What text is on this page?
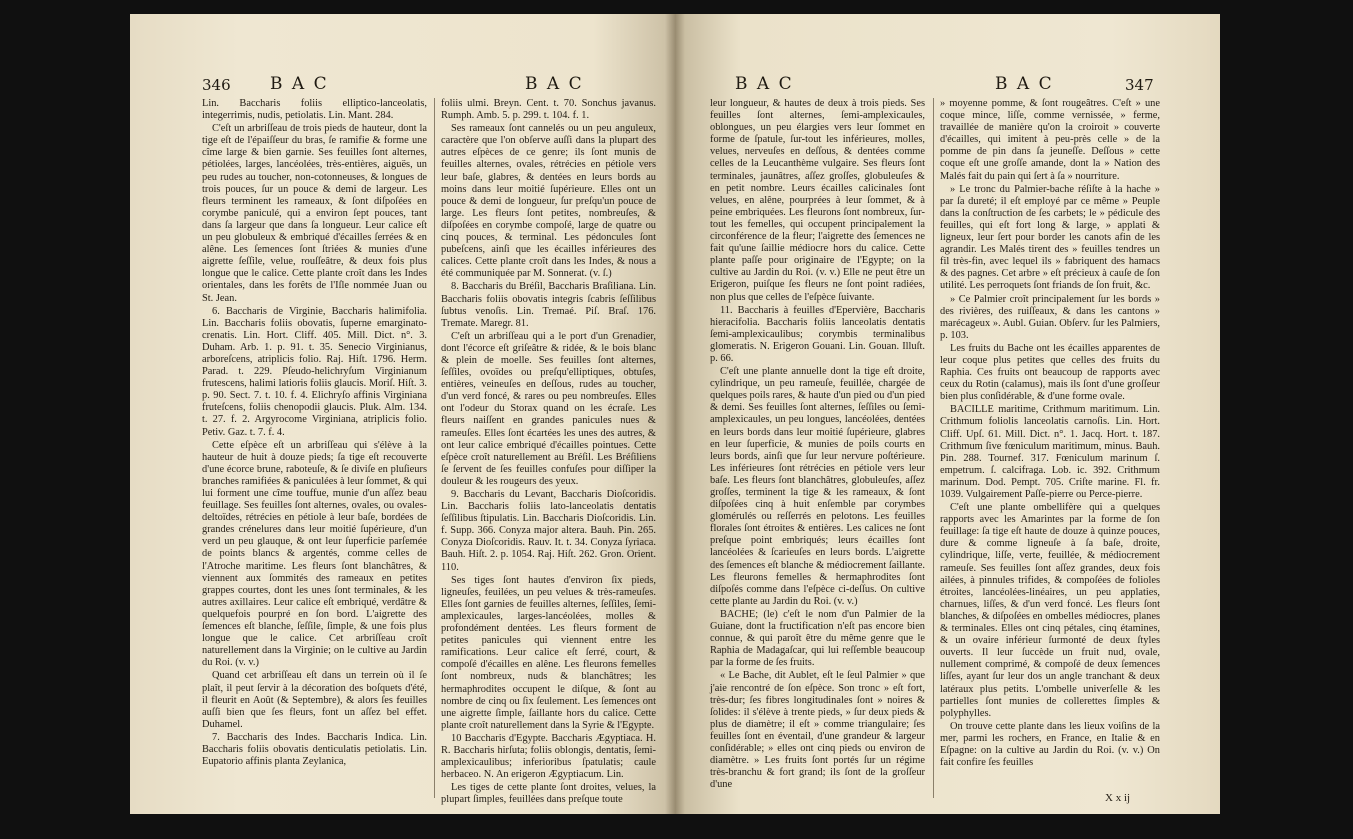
346 B A C	B A C

Lin. Baccharis foliis elliptico-lanceolatis, integerrimis, nudis, petiolatis. Lin. Mant. 284.

C'eſt un arbriſſeau de trois pieds de hauteur, dont la tige eſt de l'épaiſſeur du bras, ſe ramifie & forme une cîme large & bien garnie. Ses feuilles ſont alternes, pétiolées, larges, lancéolées, très-entières, aiguës, un peu rudes au toucher, non-cotonneuses, & longues de trois pouces, ſur un pouce & demi de largeur. Les fleurs terminent les rameaux, & ſont diſpoſées en corymbe paniculé, qui a environ ſept pouces, tant dans ſa largeur que dans ſa longueur. Leur calice eſt un peu globuleux & embriqué d'écailles ſerrées & en alêne. Les ſemences ſont ſtriées & munies d'une aigrette ſeſſile, velue, rouſſeâtre, & deux fois plus longue que le calice. Cette plante croît dans les Indes orientales, dans les forêts de l'Iſle nommée Juan ou St. Jean.

6. Baccharis de Virginie, Baccharis halimifolia. Lin. Baccharis foliis obovatis, ſuperne emarginato-crenatis. Lin. Hort. Cliff. 405. Mill. Dict. n°. 3. Duham. Arb. 1. p. 91. t. 35. Senecio Virginianus, arboreſcens, atriplicis folio. Raj. Hiſt. 1796. Herm. Parad. t. 229. Pſeudo-helichryſum Virginianum frutescens, halimi latioris foliis glaucis. Moriſ. Hiſt. 3. p. 90. Sect. 7. t. 10. f. 4. Elichryſo affinis Virginiana fruteſcens, foliis chenopodii glaucis. Pluk. Alm. 134. t. 27. f. 2. Argyrocome Virginiana, atriplicis folio. Petiv. Gaz. t. 7. f. 4.

Cette eſpèce eſt un arbriſſeau qui s'élève à la hauteur de huit à douze pieds; ſa tige eſt recouverte d'une écorce brune, raboteuſe, & ſe diviſe en pluſieurs branches ramifiées & paniculées à leur ſommet, & qui lui forment une cîme touffue, munie d'un aſſez beau feuillage. Ses feuilles ſont alternes, ovales, ou ovales-deltoïdes, rétrécies en pétiole à leur baſe, bordées de grandes crénelures dans leur moitié ſupérieure, d'un verd un peu glauque, & ont leur ſuperficie parſemée de points blancs & argentés, comme celles de l'Atroche maritime. Les fleurs ſont blanchâtres, & viennent aux ſommités des rameaux en petites grappes courtes, dont les unes ſont terminales, & les autres axillaires. Leur calice eſt embriqué, verdâtre & quelquefois pourpré en ſon bord. L'aigrette des ſemences eſt blanche, ſeſſile, ſimple, & une fois plus longue que le calice. Cet arbriſſeau croît naturellement dans la Virginie; on le cultive au Jardin du Roi. (v. v.)

Quand cet arbriſſeau eſt dans un terrein où il ſe plaît, il peut ſervir à la décoration des boſquets d'été, il fleurit en Août (& Septembre), & alors ſes feuilles auſſi bien que ſes fleurs, font un aſſez bel effet. Duhamel.

7. Baccharis des Indes. Baccharis Indica. Lin. Baccharis foliis obovatis denticulatis petiolatis. Lin. Eupatorio affinis planta Zeylanica,

foliis ulmi. Breyn. Cent. t. 70. Sonchus javanus. Rumph. Amb. 5. p. 299. t. 104. f. 1.

Ses rameaux ſont cannelés ou un peu anguleux, caractère que l'on obſerve auſſi dans la plupart des autres eſpèces de ce genre; ils ſont munis de feuilles alternes, ovales, rétrécies en pétiole vers leur baſe, glabres, & dentées en leurs bords au moins dans leur moitié ſupérieure. Elles ont un pouce & demi de longueur, ſur preſqu'un pouce de large. Les fleurs ſont petites, nombreuſes, & diſpoſées en corymbe compoſé, large de quatre ou cinq pouces, & terminal. Les pédoncules ſont pubeſcens, ainſi que les écailles inférieures des calices. Cette plante croît dans les Indes, & nous a été communiquée par M. Sonnerat. (v. ſ.)

8. Baccharis du Bréſil, Baccharis Braſiliana. Lin. Baccharis foliis obovatis integris ſcabris ſeſſilibus ſubtus venoſis. Lin. Tremaé. Piſ. Braſ. 176. Tremate. Maregr. 81.

C'eſt un arbriſſeau qui a le port d'un Grenadier, dont l'écorce eſt griſeâtre & ridée, & le bois blanc & plein de moelle. Ses feuilles ſont alternes, ſeſſiles, ovoïdes ou preſqu'elliptiques, obtuſes, entières, veineuſes en deſſous, rudes au toucher, d'un verd foncé, & rares ou peu nombreuſes. Elles ont l'odeur du Storax quand on les écraſe. Les fleurs naiſſent en grandes panicules nues & rameuſes. Elles ſont écartées les unes des autres, & ont leur calice embriqué d'écailles pointues. Cette eſpèce croît naturellement au Bréſil. Les Bréſiliens ſe ſervent de ſes feuilles confuſes pour diſſiper la douleur & les rougeurs des yeux.

9. Baccharis du Levant, Baccharis Dioſcoridis. Lin. Baccharis foliis lato-lanceolatis dentatis ſeſſilibus ſtipulatis. Lin. Baccharis Dioſcoridis. Lin. f. Supp. 366. Conyza major altera. Bauh. Pin. 265. Conyza Dioſcoridis. Rauv. It. t. 34. Conyza ſyriaca. Bauh. Hiſt. 2. p. 1054. Raj. Hiſt. 262. Gron. Orient. 110.

Ses tiges ſont hautes d'environ ſix pieds, ligneuſes, feuilées, un peu velues & très-rameuſes. Elles ſont garnies de feuilles alternes, ſeſſiles, ſemi-amplexicaules, larges-lancéolées, molles & profondément dentées. Les fleurs forment de petites panicules qui viennent entre les ramifications. Leur calice eſt ſerré, court, & compoſé d'écailles en alêne. Les fleurons femelles ſont nombreux, nuds & blanchâtres; les hermaphrodites occupent le diſque, & ſont au nombre de cinq ou ſix ſeulement. Les ſemences ont une aigrette ſimple, ſaillante hors du calice. Cette plante croît naturellement dans la Syrie & l'Egypte.

10 Baccharis d'Egypte. Baccharis Ægyptiaca. H. R. Baccharis hirſuta; foliis oblongis, dentatis, ſemi-amplexicaulibus; inferioribus ſpatulatis; caule herbaceo. N. An erigeron Ægyptiacum. Lin.

Les tiges de cette plante ſont droites, velues, la plupart ſimples, feuillées dans preſque toute

B A C	B A C	347

leur longueur, & hautes de deux à trois pieds. Ses feuilles ſont alternes, ſemi-amplexicaules, oblongues, un peu élargies vers leur ſommet en forme de ſpatule, ſur-tout les inférieures, molles, velues, nerveuſes en deſſous, & dentées comme celles de la Leucanthème vulgaire. Ses fleurs ſont terminales, jaunâtres, aſſez groſſes, globuleuſes & en petit nombre. Leurs écailles calicinales ſont velues, en alêne, pourprées à leur ſommet, & à peine embriquées. Les fleurons ſont nombreux, ſur-tout les femelles, qui occupent principalement la circonférence de la fleur; l'aigrette des ſemences ne fait qu'une ſaillie médiocre hors du calice. Cette plante paſſe pour originaire de l'Egypte; on la cultive au Jardin du Roi. (v. v.) Elle ne peut être un Erigeron, puiſque ſes fleurs ne ſont point radiées, non plus que celles de l'eſpèce ſuivante.

11. Baccharis à feuilles d'Epervière, Baccharis hieracifolia. Baccharis foliis lanceolatis dentatis ſemi-amplexicaulibus; corymbis terminalibus glomeratis. N. Erigeron Gouani. Lin. Gouan. Illuſt. p. 66.

C'eſt une plante annuelle dont la tige eſt droite, cylindrique, un peu rameuſe, feuillée, chargée de quelques poils rares, & haute d'un pied ou d'un pied & demi. Ses feuilles ſont alternes, ſeſſiles ou ſemi-amplexicaules, un peu longues, lancéolées, dentées en leurs bords dans leur moitié ſupérieure, glabres en leur ſuperficie, & munies de poils courts en leurs bords, ainſi que ſur leur nervure poſtérieure. Les inférieures ſont rétrécies en pétiole vers leur baſe. Les fleurs ſont blanchâtres, globuleuſes, aſſez groſſes, terminent la tige & les rameaux, & ſont diſpoſées cinq à huit enſemble par corymbes glomérulés ou reſſerrés en pelotons. Les feuilles florales ſont étroites & entières. Les calices ne ſont preſque point embriqués; leurs écailles ſont lancéolées & ſcarieuſes en leurs bords. L'aigrette des ſemences eſt blanche & médiocrement ſaillante. Les fleurons femelles & hermaphrodites ſont diſpoſés comme dans l'eſpèce ci-deſſus. On cultive cette plante au Jardin du Roi. (v. v.)

BACHE; (le) c'eſt le nom d'un Palmier de la Guiane, dont la fructification n'eſt pas encore bien connue, & qui paroît être du même genre que le Raphia de Madagaſcar, qui lui reſſemble beaucoup par la forme de ſes fruits.

« Le Bache, dit Aublet, eſt le ſeul Palmier » que j'aie rencontré de ſon eſpèce. Son tronc » eſt fort, très-dur; ſes fibres longitudinales ſont » noires & ſolides: il s'élève à trente pieds, » ſur deux pieds & plus de diamètre; il eſt » comme triangulaire; ſes feuilles ſont en éventail, d'une grandeur & largeur conſidérable; » elles ont cinq pieds ou environ de diamètre. » Les fruits ſont portés ſur un régime très-branchu & fort grand; ils ſont de la groſſeur d'une

» moyenne pomme, & ſont rougeâtres. C'eſt » une coque mince, liſſe, comme vernissée, » ferme, travaillée de manière qu'on la croiroit » couverte d'écailles, qui imitent à peu-près celle » de la pomme de pin dans ſa jeuneſſe. Deſſous » cette coque eſt une groſſe amande, dont la » Nation des Malés fait du pain qui ſert à ſa » nourriture.

» Le tronc du Palmier-bache réſiſte à la hache » par ſa dureté; il eſt employé par ce même » Peuple dans la conſtruction de ſes carbets; le » pédicule des feuilles, qui eſt fort long & large, » applati & ligneux, leur ſert pour border les canots afin de les agrandir. Les Malés tirent des » feuilles tendres un fil très-fin, avec lequel ils » fabriquent des hamacs & des pagnes. Cet arbre » eſt précieux à cauſe de ſon utilité. Les perroquets ſont friands de ſon fruit, &c.

» Ce Palmier croît principalement ſur les bords » des rivières, des ruiſſeaux, & dans les cantons » marécageux ». Aubl. Guian. Obſerv. ſur les Palmiers, p. 103.

Les fruits du Bache ont les écailles apparentes de leur coque plus petites que celles des fruits du Raphia. Ces fruits ont beaucoup de rapports avec ceux du Rotin (calamus), mais ils ſont d'une groſſeur bien plus conſidérable, & d'une forme ovale.

BACILLE maritime, Crithmum maritimum. Lin. Crithmum foliolis lanceolatis carnoſis. Lin. Hort. Cliff. Upſ. 61. Mill. Dict. n°. 1. Jacq. Hort. t. 187. Crithmum ſive fœniculum maritimum, minus. Bauh. Pin. 288. Tournef. 317. Fœniculum marinum ſ. empetrum. ſ. calcifraga. Lob. ic. 392. Crithmum marinum. Dod. Pempt. 705. Criſte marine. Fl. fr. 1039. Vulgairement Paſſe-pierre ou Perce-pierre.

C'eſt une plante ombellifère qui a quelques rapports avec les Amarintes par la forme de ſon feuillage: ſa tige eſt haute de douze à quinze pouces, dure & comme ligneuſe à ſa baſe, droite, cylindrique, liſſe, verte, feuillée, & médiocrement rameuſe. Ses feuilles ſont aſſez grandes, deux fois ailées, à pinnules trifides, & compoſées de folioles étroites, lancéolées-linéaires, un peu applaties, charnues, liſſes, & d'un verd foncé. Les fleurs ſont blanches, & diſpoſées en ombelles médiocres, planes & terminales. Elles ont cinq pétales, cinq étamines, & un ovaire inférieur ſurmonté de deux ſtyles ouverts. Il leur ſuccède un fruit nud, ovale, nullement comprimé, & compoſé de deux ſemences liſſes, ayant ſur leur dos un angle tranchant & deux latéraux plus petits. L'ombelle univerſelle & les partielles ſont munies de collerettes ſimples & polyphylles.

On trouve cette plante dans les lieux voiſins de la mer, parmi les rochers, en France, en Italie & en Eſpagne: on la cultive au Jardin du Roi. (v. v.) On fait confire ſes feuilles

X x ij
